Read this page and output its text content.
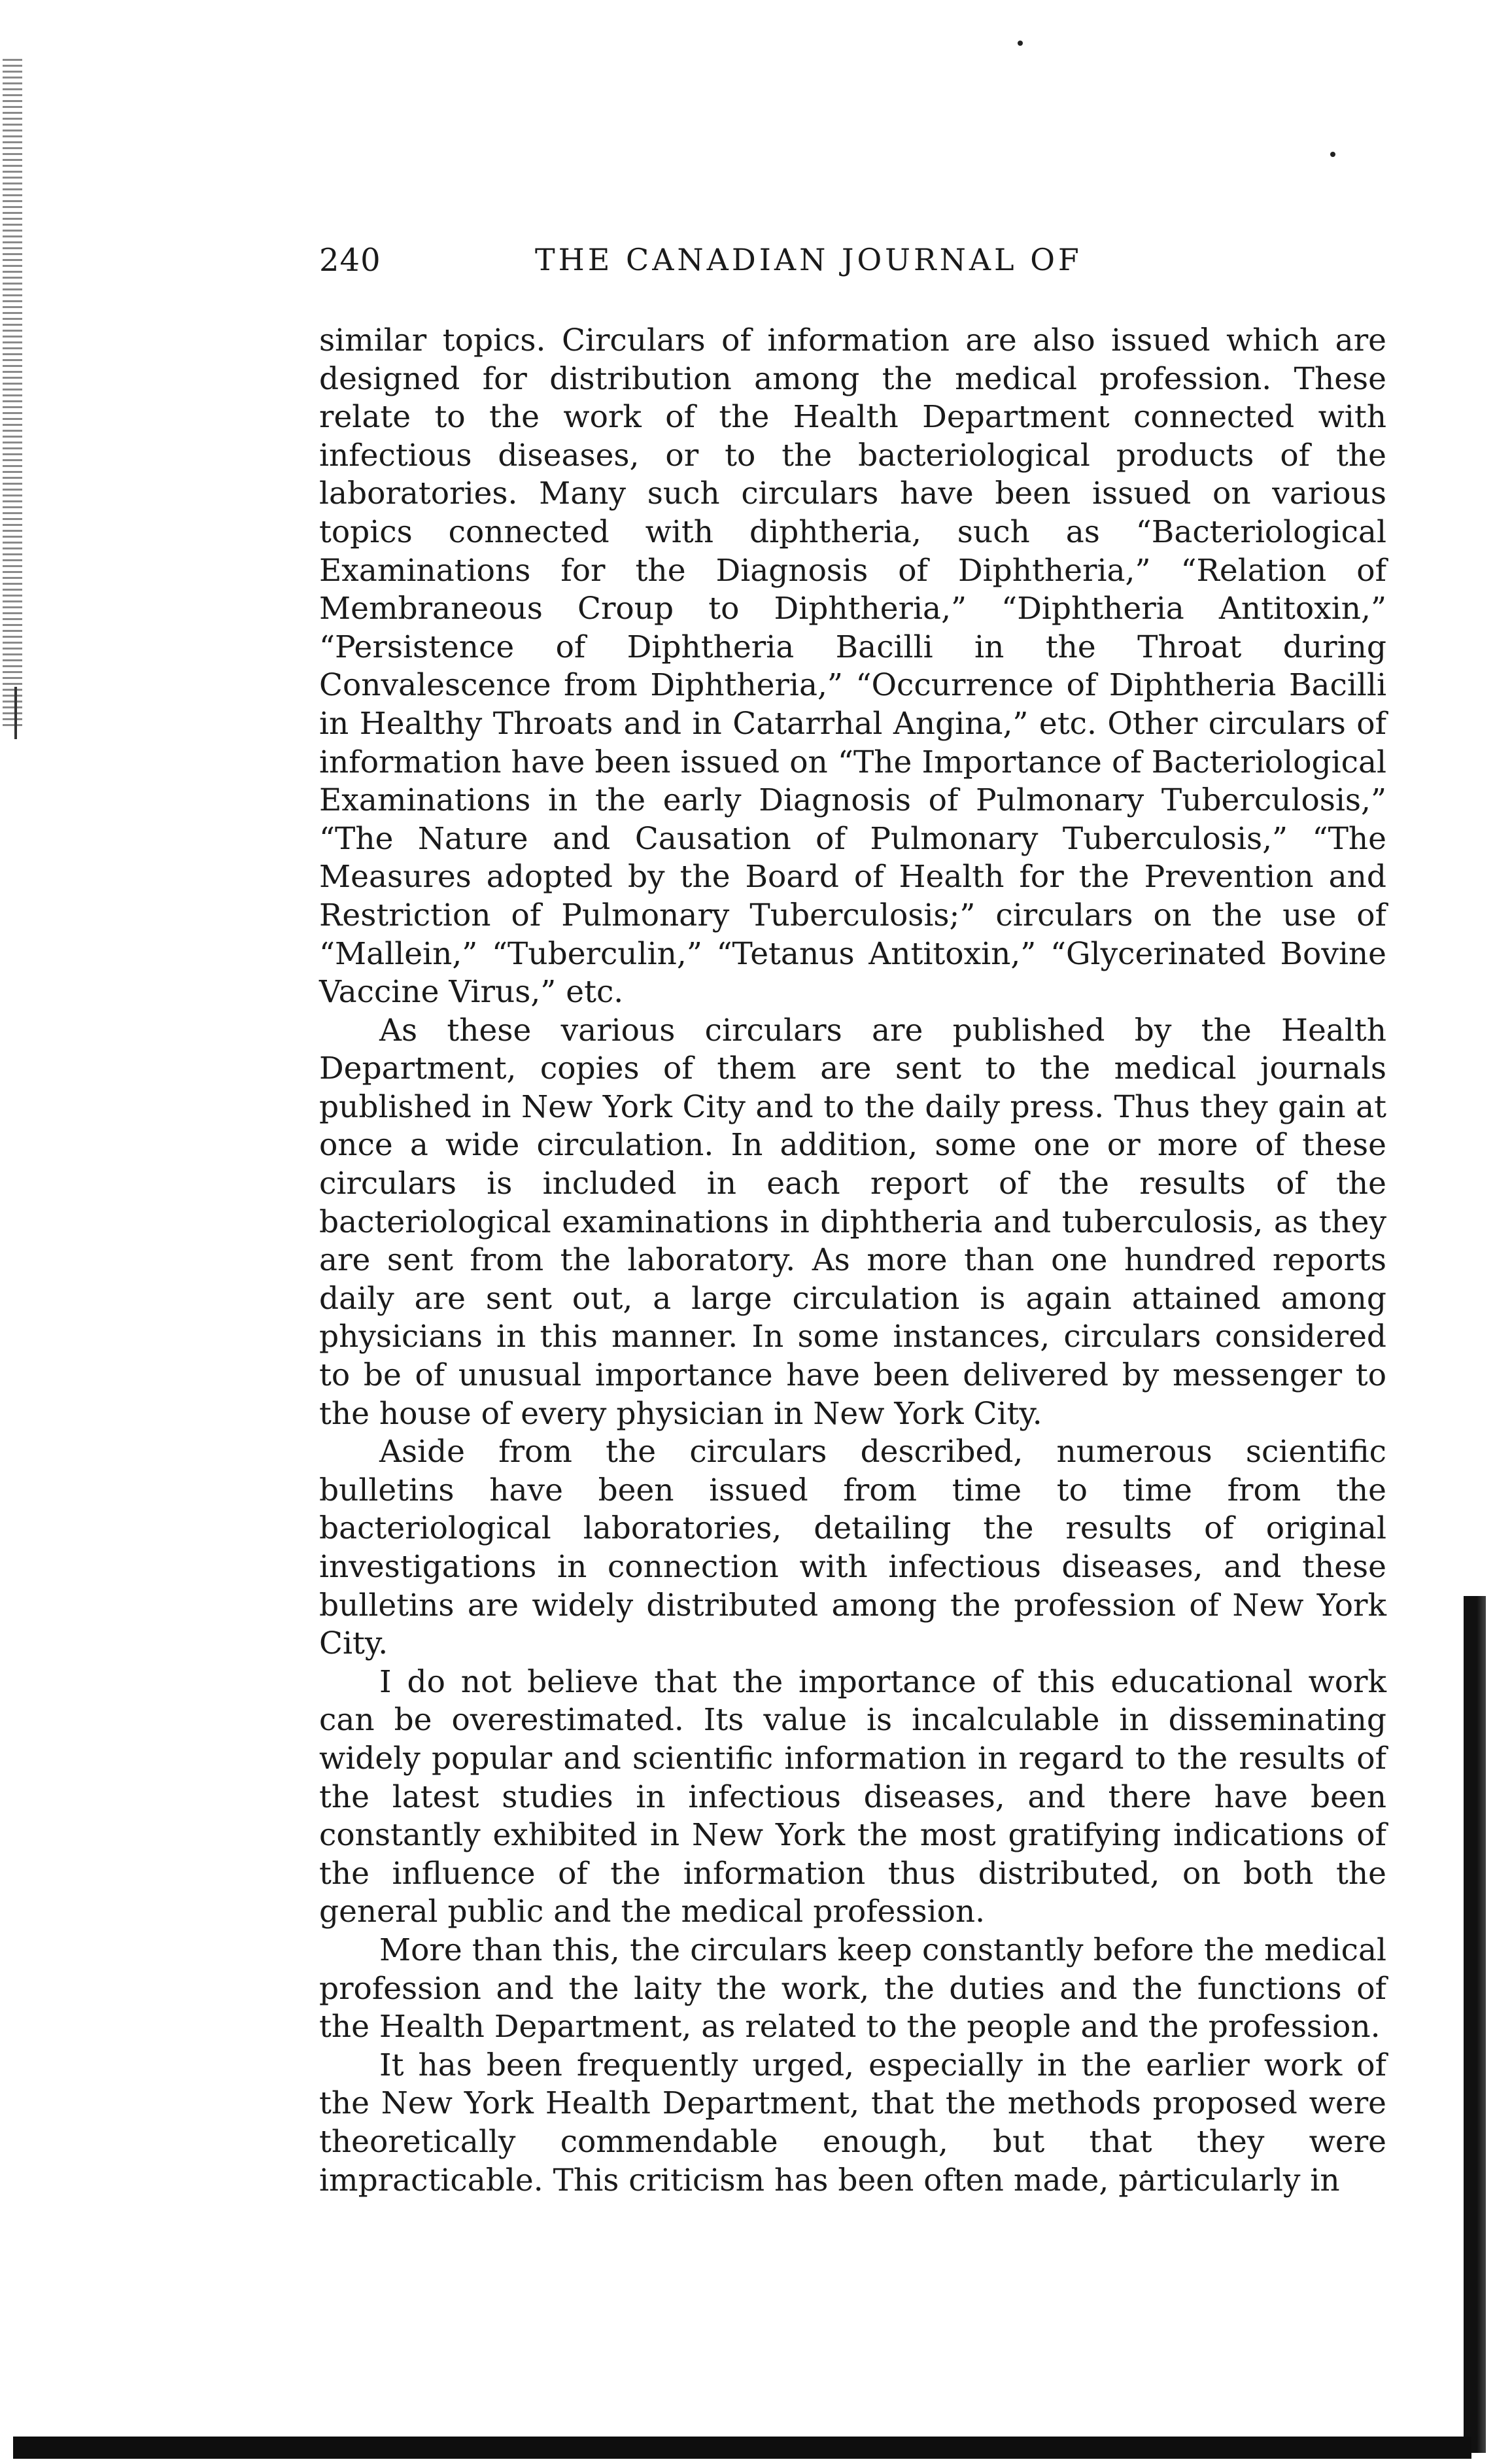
240	THE CANADIAN JOURNAL OF

similar topics. Circulars of information are also issued which are designed for distribution among the medical profession. These relate to the work of the Health Department connected with infectious diseases, or to the bacteriological products of the laboratories. Many such circulars have been issued on various topics connected with diphtheria, such as “Bacteriological Examinations for the Diagnosis of Diphtheria,” “Relation of Membraneous Croup to Diphtheria,” “Diphtheria Antitoxin,” “Persistence of Diphtheria Bacilli in the Throat during Convalescence from Diphtheria,” “Occurrence of Diphtheria Bacilli in Healthy Throats and in Catarrhal Angina,” etc. Other circulars of information have been issued on “The Importance of Bacteriological Examinations in the early Diagnosis of Pulmonary Tuberculosis,” “The Nature and Causation of Pulmonary Tuberculosis,” “The Measures adopted by the Board of Health for the Prevention and Restriction of Pulmonary Tuberculosis;” circulars on the use of “Mallein,” “Tuberculin,” “Tetanus Antitoxin,” “Glycerinated Bovine Vaccine Virus,” etc.

As these various circulars are published by the Health Department, copies of them are sent to the medical journals published in New York City and to the daily press. Thus they gain at once a wide circulation. In addition, some one or more of these circulars is included in each report of the results of the bacteriological examinations in diphtheria and tuberculosis, as they are sent from the laboratory. As more than one hundred reports daily are sent out, a large circulation is again attained among physicians in this manner. In some instances, circulars considered to be of unusual importance have been delivered by messenger to the house of every physician in New York City.

Aside from the circulars described, numerous scientific bulletins have been issued from time to time from the bacteriological laboratories, detailing the results of original investigations in connection with infectious diseases, and these bulletins are widely distributed among the profession of New York City.

I do not believe that the importance of this educational work can be overestimated. Its value is incalculable in disseminating widely popular and scientific information in regard to the results of the latest studies in infectious diseases, and there have been constantly exhibited in New York the most gratifying indications of the influence of the information thus distributed, on both the general public and the medical profession.

More than this, the circulars keep constantly before the medical profession and the laity the work, the duties and the functions of the Health Department, as related to the people and the profession.

It has been frequently urged, especially in the earlier work of the New York Health Department, that the methods proposed were theoretically commendable enough, but that they were impracticable. This criticism has been often made, particularly in
